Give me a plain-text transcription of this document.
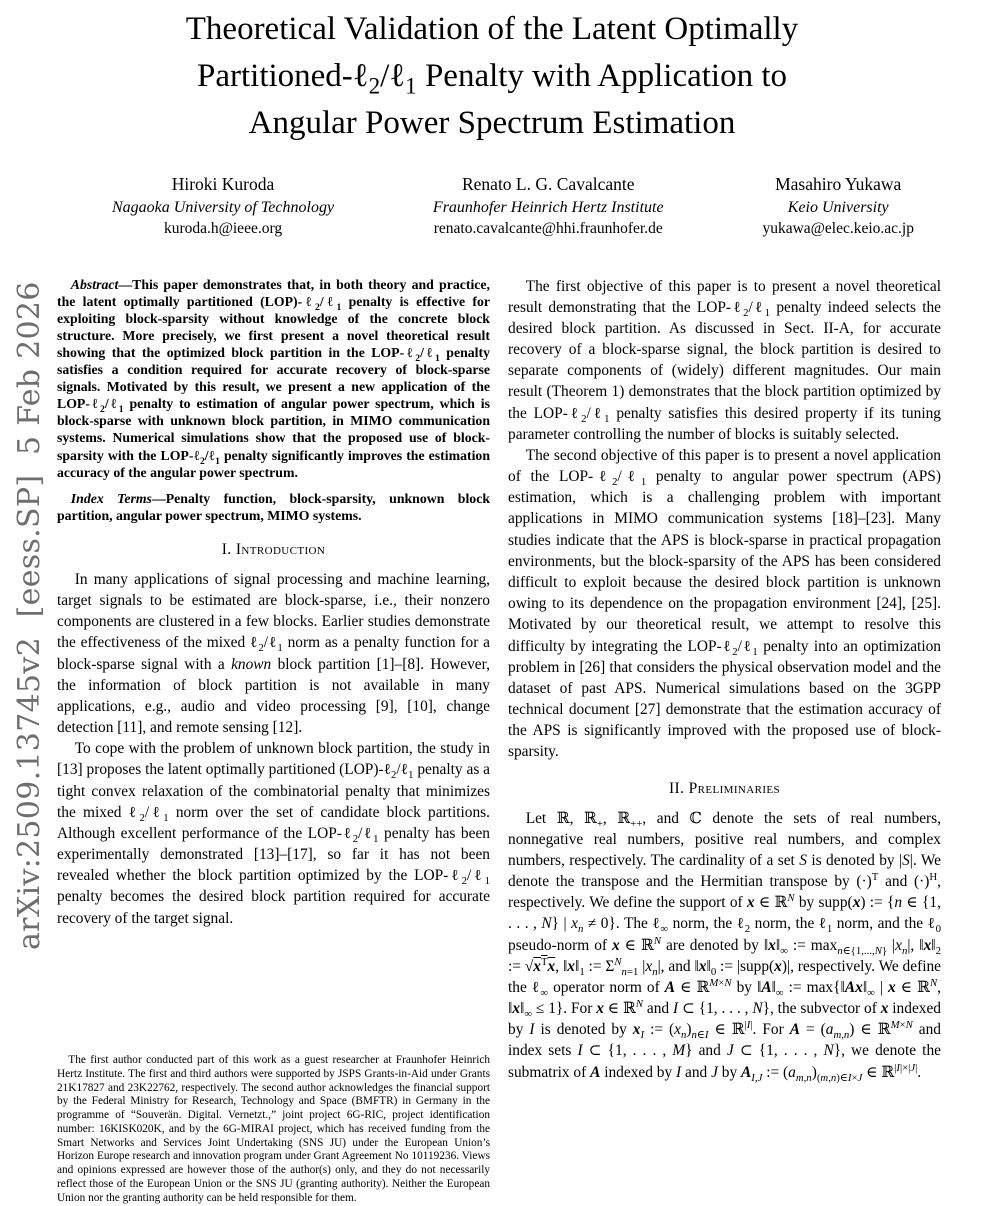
arXiv:2509.13745v2  [eess.SP]  5 Feb 2026
Theoretical Validation of the Latent Optimally
Partitioned-ℓ$_2$/ℓ$_1$ Penalty with Application to
Angular Power Spectrum Estimation
Hiroki Kuroda
Nagaoka University of Technology
kuroda.h@ieee.org
Renato L. G. Cavalcante
Fraunhofer Heinrich Hertz Institute
renato.cavalcante@hhi.fraunhofer.de
Masahiro Yukawa
Keio University
yukawa@elec.keio.ac.jp

Abstract—This paper demonstrates that, in both theory and practice, the latent optimally partitioned (LOP)-ℓ$_2$/ℓ$_1$ penalty is effective for exploiting block-sparsity without knowledge of the concrete block structure. More precisely, we first present a novel theoretical result showing that the optimized block partition in the LOP-ℓ$_2$/ℓ$_1$ penalty satisfies a condition required for accurate recovery of block-sparse signals. Motivated by this result, we present a new application of the LOP-ℓ$_2$/ℓ$_1$ penalty to estimation of angular power spectrum, which is block-sparse with unknown block partition, in MIMO communication systems. Numerical simulations show that the proposed use of block-sparsity with the LOP-ℓ$_2$/ℓ$_1$ penalty significantly improves the estimation accuracy of the angular power spectrum.

Index Terms—Penalty function, block-sparsity, unknown block partition, angular power spectrum, MIMO systems.

I. Introduction

In many applications of signal processing and machine learning, target signals to be estimated are block-sparse, i.e., their nonzero components are clustered in a few blocks. Earlier studies demonstrate the effectiveness of the mixed ℓ$_2$/ℓ$_1$ norm as a penalty function for a block-sparse signal with a known block partition [1]–[8]. However, the information of block partition is not available in many applications, e.g., audio and video processing [9], [10], change detection [11], and remote sensing [12].

To cope with the problem of unknown block partition, the study in [13] proposes the latent optimally partitioned (LOP)-ℓ$_2$/ℓ$_1$ penalty as a tight convex relaxation of the combinatorial penalty that minimizes the mixed ℓ$_2$/ℓ$_1$ norm over the set of candidate block partitions. Although excellent performance of the LOP-ℓ$_2$/ℓ$_1$ penalty has been experimentally demonstrated [13]–[17], so far it has not been revealed whether the block partition optimized by the LOP-ℓ$_2$/ℓ$_1$ penalty becomes the desired block partition required for accurate recovery of the target signal.

The first author conducted part of this work as a guest researcher at Fraunhofer Heinrich Hertz Institute. The first and third authors were supported by JSPS Grants-in-Aid under Grants 21K17827 and 23K22762, respectively. The second author acknowledges the financial support by the Federal Ministry for Research, Technology and Space (BMFTR) in Germany in the programme of “Souverän. Digital. Vernetzt.,” joint project 6G-RIC, project identification number: 16KISK020K, and by the 6G-MIRAI project, which has received funding from the Smart Networks and Services Joint Undertaking (SNS JU) under the European Union’s Horizon Europe research and innovation program under Grant Agreement No 10119236. Views and opinions expressed are however those of the author(s) only, and they do not necessarily reflect those of the European Union or the SNS JU (granting authority). Neither the European Union nor the granting authority can be held responsible for them.

The first objective of this paper is to present a novel theoretical result demonstrating that the LOP-ℓ$_2$/ℓ$_1$ penalty indeed selects the desired block partition. As discussed in Sect. II-A, for accurate recovery of a block-sparse signal, the block partition is desired to separate components of (widely) different magnitudes. Our main result (Theorem 1) demonstrates that the block partition optimized by the LOP-ℓ$_2$/ℓ$_1$ penalty satisfies this desired property if its tuning parameter controlling the number of blocks is suitably selected.

The second objective of this paper is to present a novel application of the LOP-ℓ$_2$/ℓ$_1$ penalty to angular power spectrum (APS) estimation, which is a challenging problem with important applications in MIMO communication systems [18]–[23]. Many studies indicate that the APS is block-sparse in practical propagation environments, but the block-sparsity of the APS has been considered difficult to exploit because the desired block partition is unknown owing to its dependence on the propagation environment [24], [25]. Motivated by our theoretical result, we attempt to resolve this difficulty by integrating the LOP-ℓ$_2$/ℓ$_1$ penalty into an optimization problem in [26] that considers the physical observation model and the dataset of past APS. Numerical simulations based on the 3GPP technical document [27] demonstrate that the estimation accuracy of the APS is significantly improved with the proposed use of block-sparsity.

II. Preliminaries

Let ℝ, ℝ$_+$, ℝ$_{++}$, and ℂ denote the sets of real numbers, nonnegative real numbers, positive real numbers, and complex numbers, respectively. The cardinality of a set S is denoted by |S|. We denote the transpose and the Hermitian transpose by $(\cdot)^T$ and $(\cdot)^H$, respectively. We define the support of x ∈ ℝ$^N$ by supp(x) := {n ∈ {1, . . . , N} | $x_n \ne 0$}. The ℓ$_\infty$ norm, the ℓ$_2$ norm, the ℓ$_1$ norm, and the ℓ$_0$ pseudo-norm of x ∈ ℝ$^N$ are denoted by $‖x‖_\infty$ := $\max_{n\in\{1,...,N\}} |x_n|$, $‖x‖_2$ := $√x^Tx$, $‖x‖_1$ := $\Sigma^N_{n=1}$ $|x_n|$, and $‖x‖_0$ := |supp(x)|, respectively. We define the ℓ$_\infty$ operator norm of A ∈ ℝ$^{M\times N}$ by $‖A‖_\infty$ := $\max\{‖Ax‖_\infty$ | x ∈ ℝ$^N$, $‖x‖_\infty \le 1$}. For x ∈ ℝ$^N$ and I ⊂ {1, . . . , N}, the subvector of x indexed by I is denoted by $x_I$ := $(x_n)_{n\in I}$ ∈ ℝ$^{|I|}$. For $A = (a_{m,n})$ ∈ ℝ$^{M\times N}$ and index sets I ⊂ {1, . . . , M} and J ⊂ {1, . . . , N}, we denote the submatrix of A indexed by I and J by $A_{I,J}$ := $(a_{m,n})_{(m,n)\in I\times J}$ ∈ ℝ$^{|I|\times|J|}$.
